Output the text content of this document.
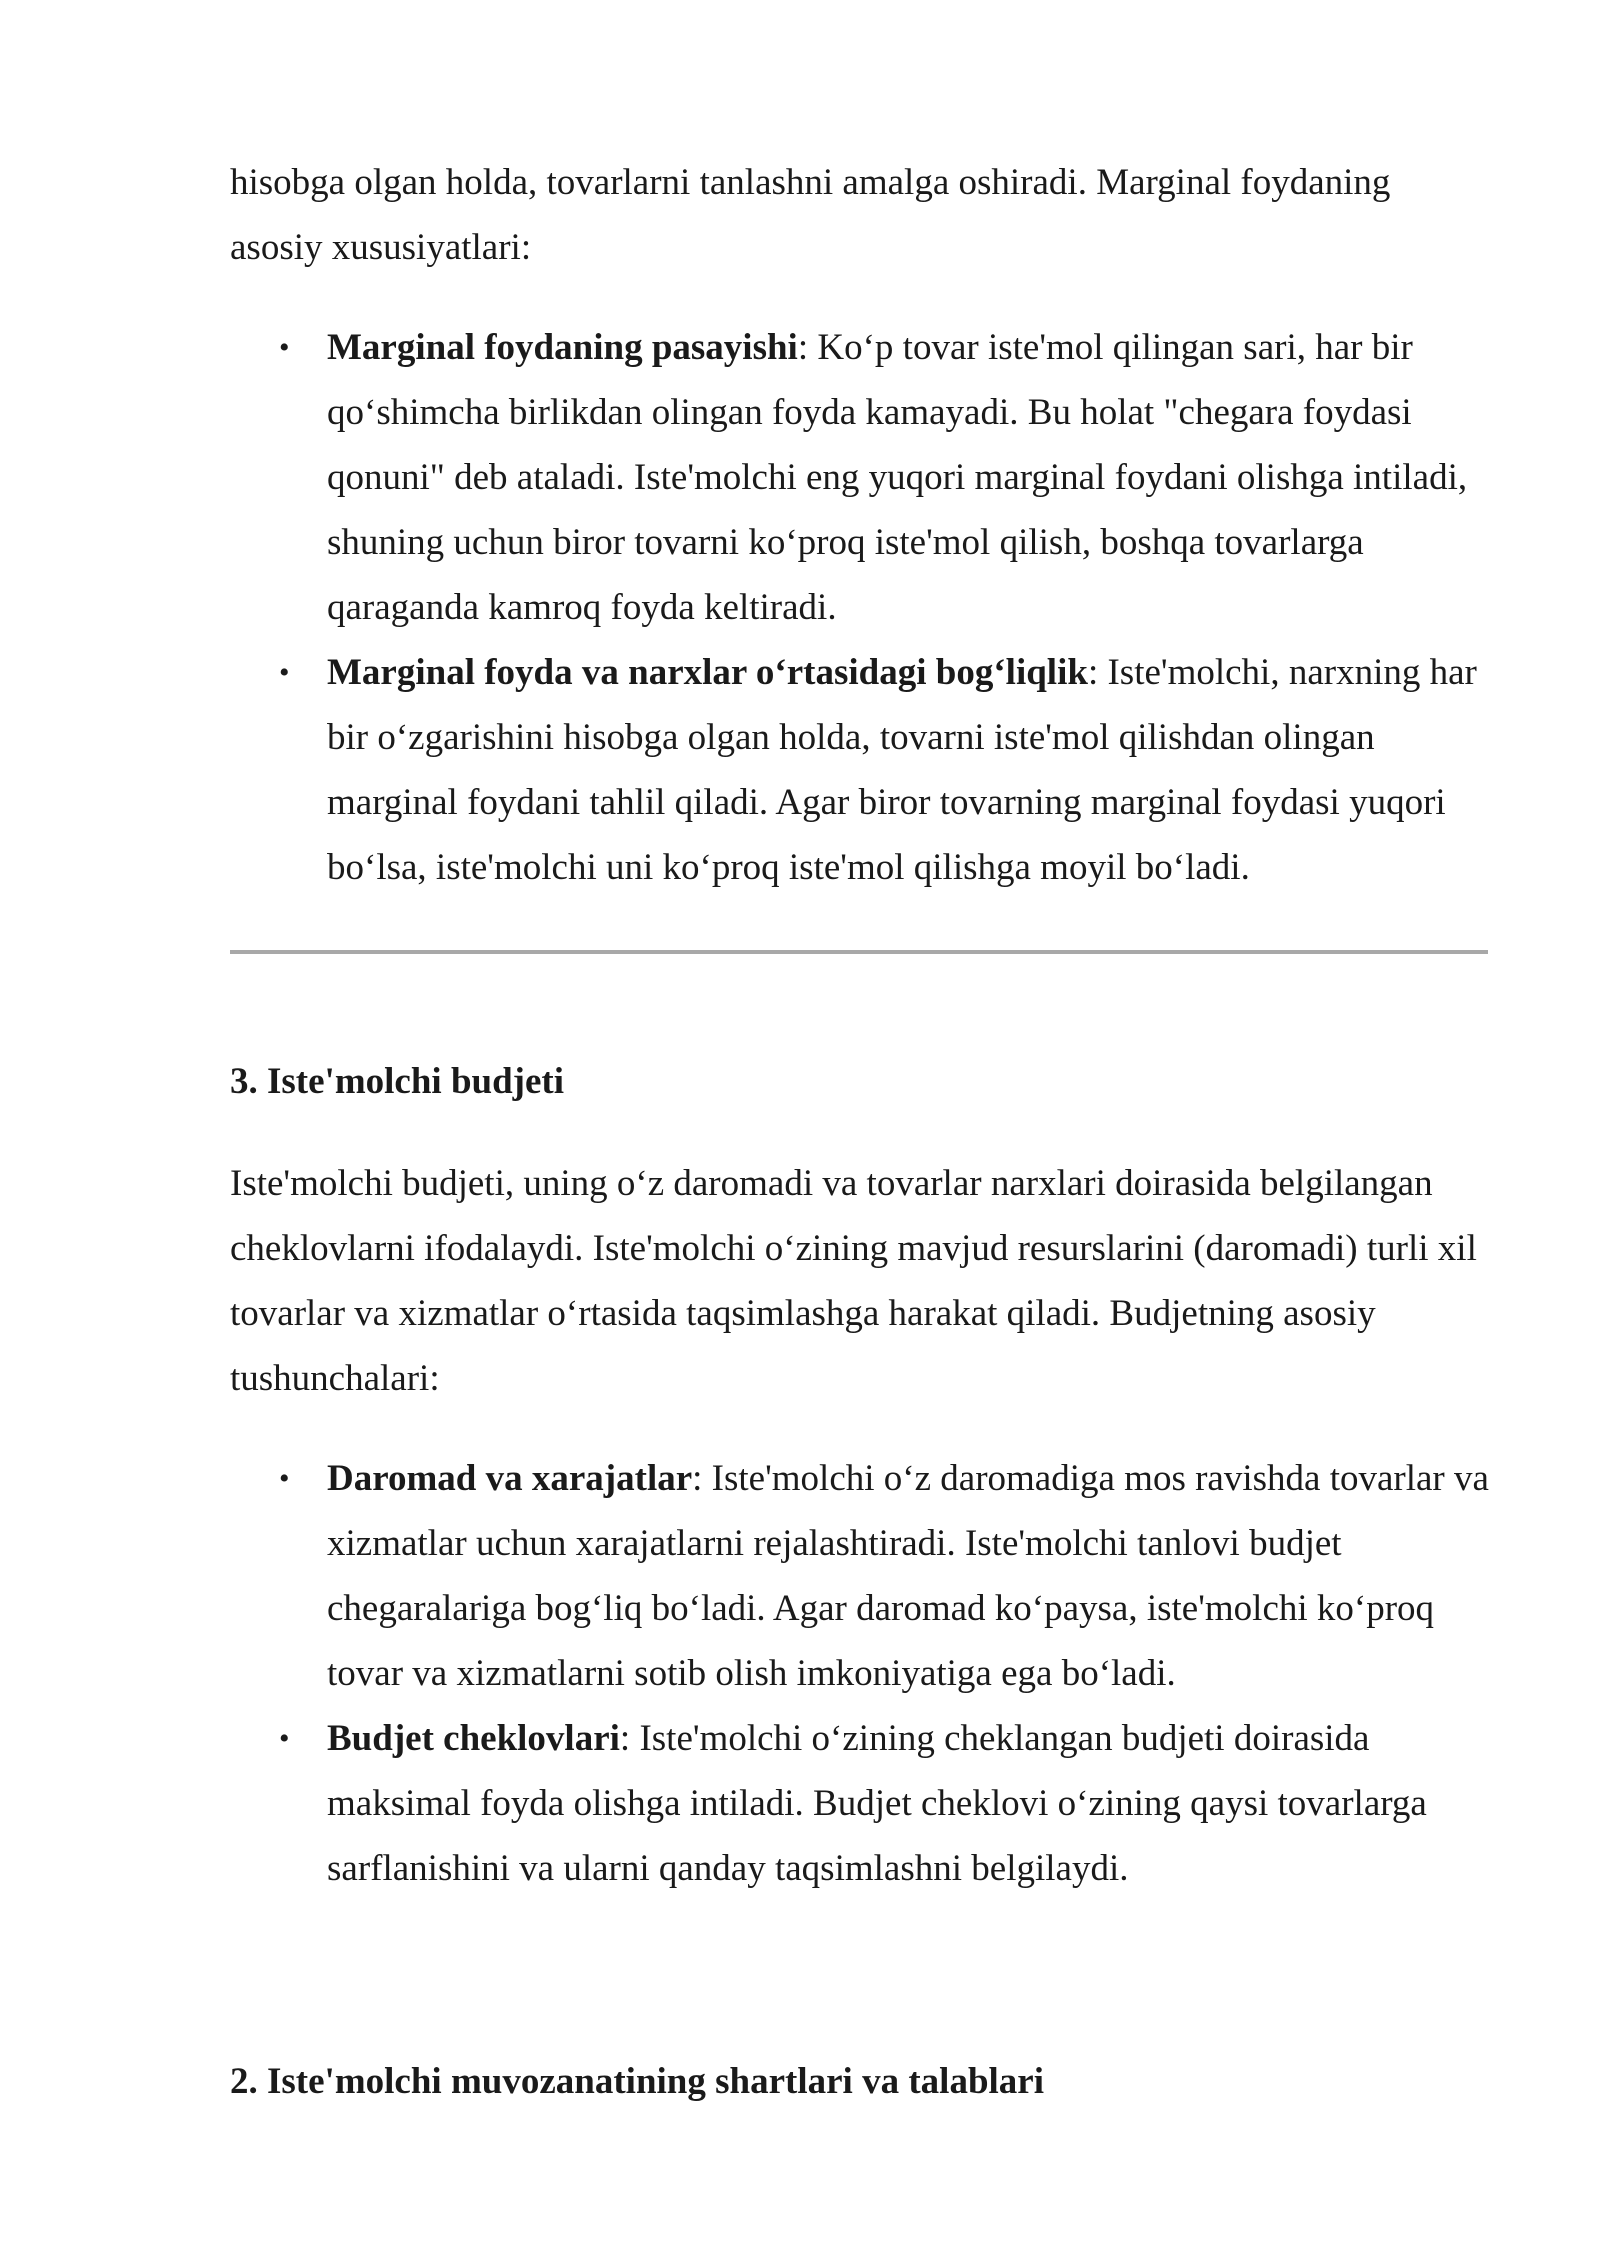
hisobga olgan holda, tovarlarni tanlashni amalga oshiradi. Marginal foydaning asosiy xususiyatlari:

• Marginal foydaning pasayishi: Koʻp tovar iste'mol qilingan sari, har bir qoʻshimcha birlikdan olingan foyda kamayadi. Bu holat "chegara foydasi qonuni" deb ataladi. Iste'molchi eng yuqori marginal foydani olishga intiladi, shuning uchun biror tovarni koʻproq iste'mol qilish, boshqa tovarlarga qaraganda kamroq foyda keltiradi.
• Marginal foyda va narxlar oʻrtasidagi bogʻliqlik: Iste'molchi, narxning har bir oʻzgarishini hisobga olgan holda, tovarni iste'mol qilishdan olingan marginal foydani tahlil qiladi. Agar biror tovarning marginal foydasi yuqori boʻlsa, iste'molchi uni koʻproq iste'mol qilishga moyil boʻladi.
3. Iste'molchi budjeti

Iste'molchi budjeti, uning oʻz daromadi va tovarlar narxlari doirasida belgilangan cheklovlarni ifodalaydi. Iste'molchi oʻzining mavjud resurslarini (daromadi) turli xil tovarlar va xizmatlar oʻrtasida taqsimlashga harakat qiladi. Budjetning asosiy tushunchalari:

• Daromad va xarajatlar: Iste'molchi oʻz daromadiga mos ravishda tovarlar va xizmatlar uchun xarajatlarni rejalashtiradi. Iste'molchi tanlovi budjet chegaralariga bogʻliq boʻladi. Agar daromad koʻpaysa, iste'molchi koʻproq tovar va xizmatlarni sotib olish imkoniyatiga ega boʻladi.
• Budjet cheklovlari: Iste'molchi oʻzining cheklangan budjeti doirasida maksimal foyda olishga intiladi. Budjet cheklovi oʻzining qaysi tovarlarga sarflanishini va ularni qanday taqsimlashni belgilaydi.
2. Iste'molchi muvozanatining shartlari va talablari
